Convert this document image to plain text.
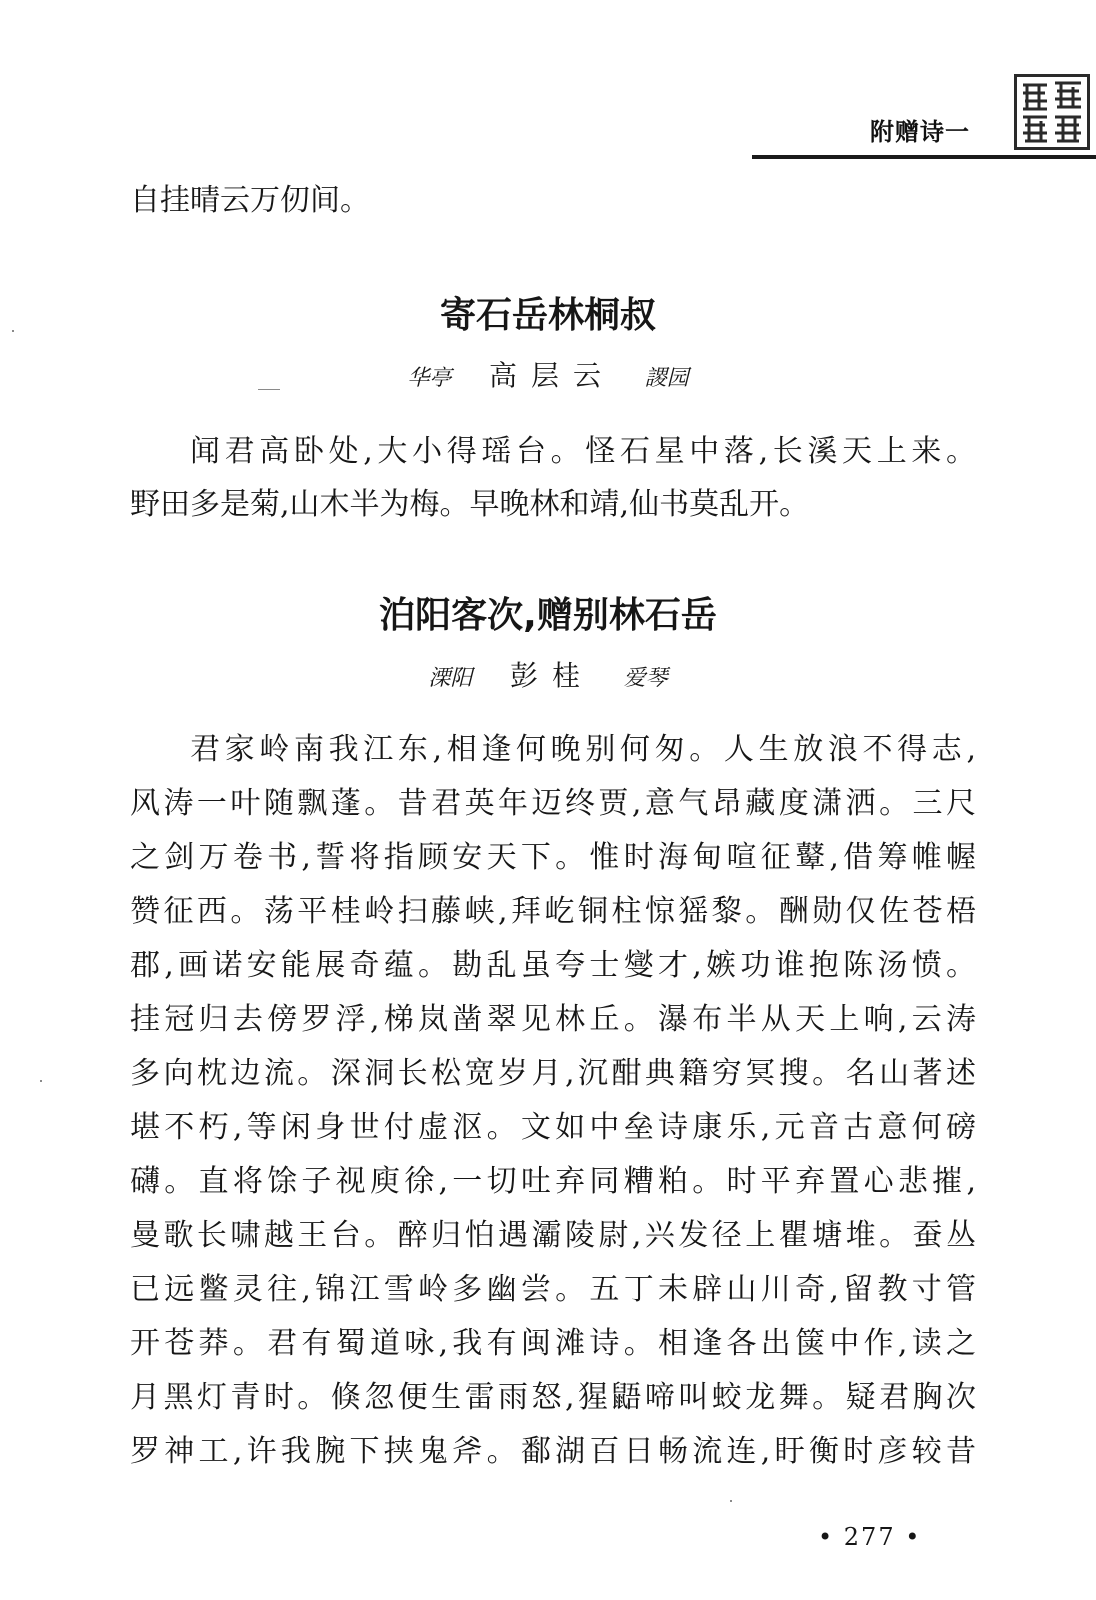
附赠诗一
自挂晴云万仞间。
寄石岳林桐叔
华亭 高层云 謖园
闻君高卧处,大小得瑶台。怪石星中落,长溪天上来。
野田多是菊,山木半为梅。早晚林和靖,仙书莫乱开。
泊阳客次,赠别林石岳
溧阳 彭桂 爱琴
君家岭南我江东,相逢何晚别何匆。人生放浪不得志,
风涛一叶随飘蓬。昔君英年迈终贾,意气昂藏度潇洒。三尺
之剑万卷书,誓将指顾安天下。惟时海甸喧征鼙,借筹帷幄
赞征西。荡平桂岭扫藤峡,拜屹铜柱惊猺黎。酬勋仅佐苍梧
郡,画诺安能展奇蕴。勘乱虽夸士燮才,嫉功谁抱陈汤愤。
挂冠归去傍罗浮,梯岚凿翠见林丘。瀑布半从天上响,云涛
多向枕边流。深洞长松宽岁月,沉酣典籍穷冥搜。名山著述
堪不朽,等闲身世付虚沤。文如中垒诗康乐,元音古意何磅
礴。直将馀子视庾徐,一切吐弃同糟粕。时平弃置心悲摧,
曼歌长啸越王台。醉归怕遇灞陵尉,兴发径上瞿塘堆。蚕丛
已远鳖灵往,锦江雪岭多幽尝。五丁未辟山川奇,留教寸管
开苍莽。君有蜀道咏,我有闽滩诗。相逢各出箧中作,读之
月黑灯青时。倏忽便生雷雨怒,猩鼯啼叫蛟龙舞。疑君胸次
罗神工,许我腕下挟鬼斧。鄱湖百日畅流连,盱衡时彦较昔
• 277 •
